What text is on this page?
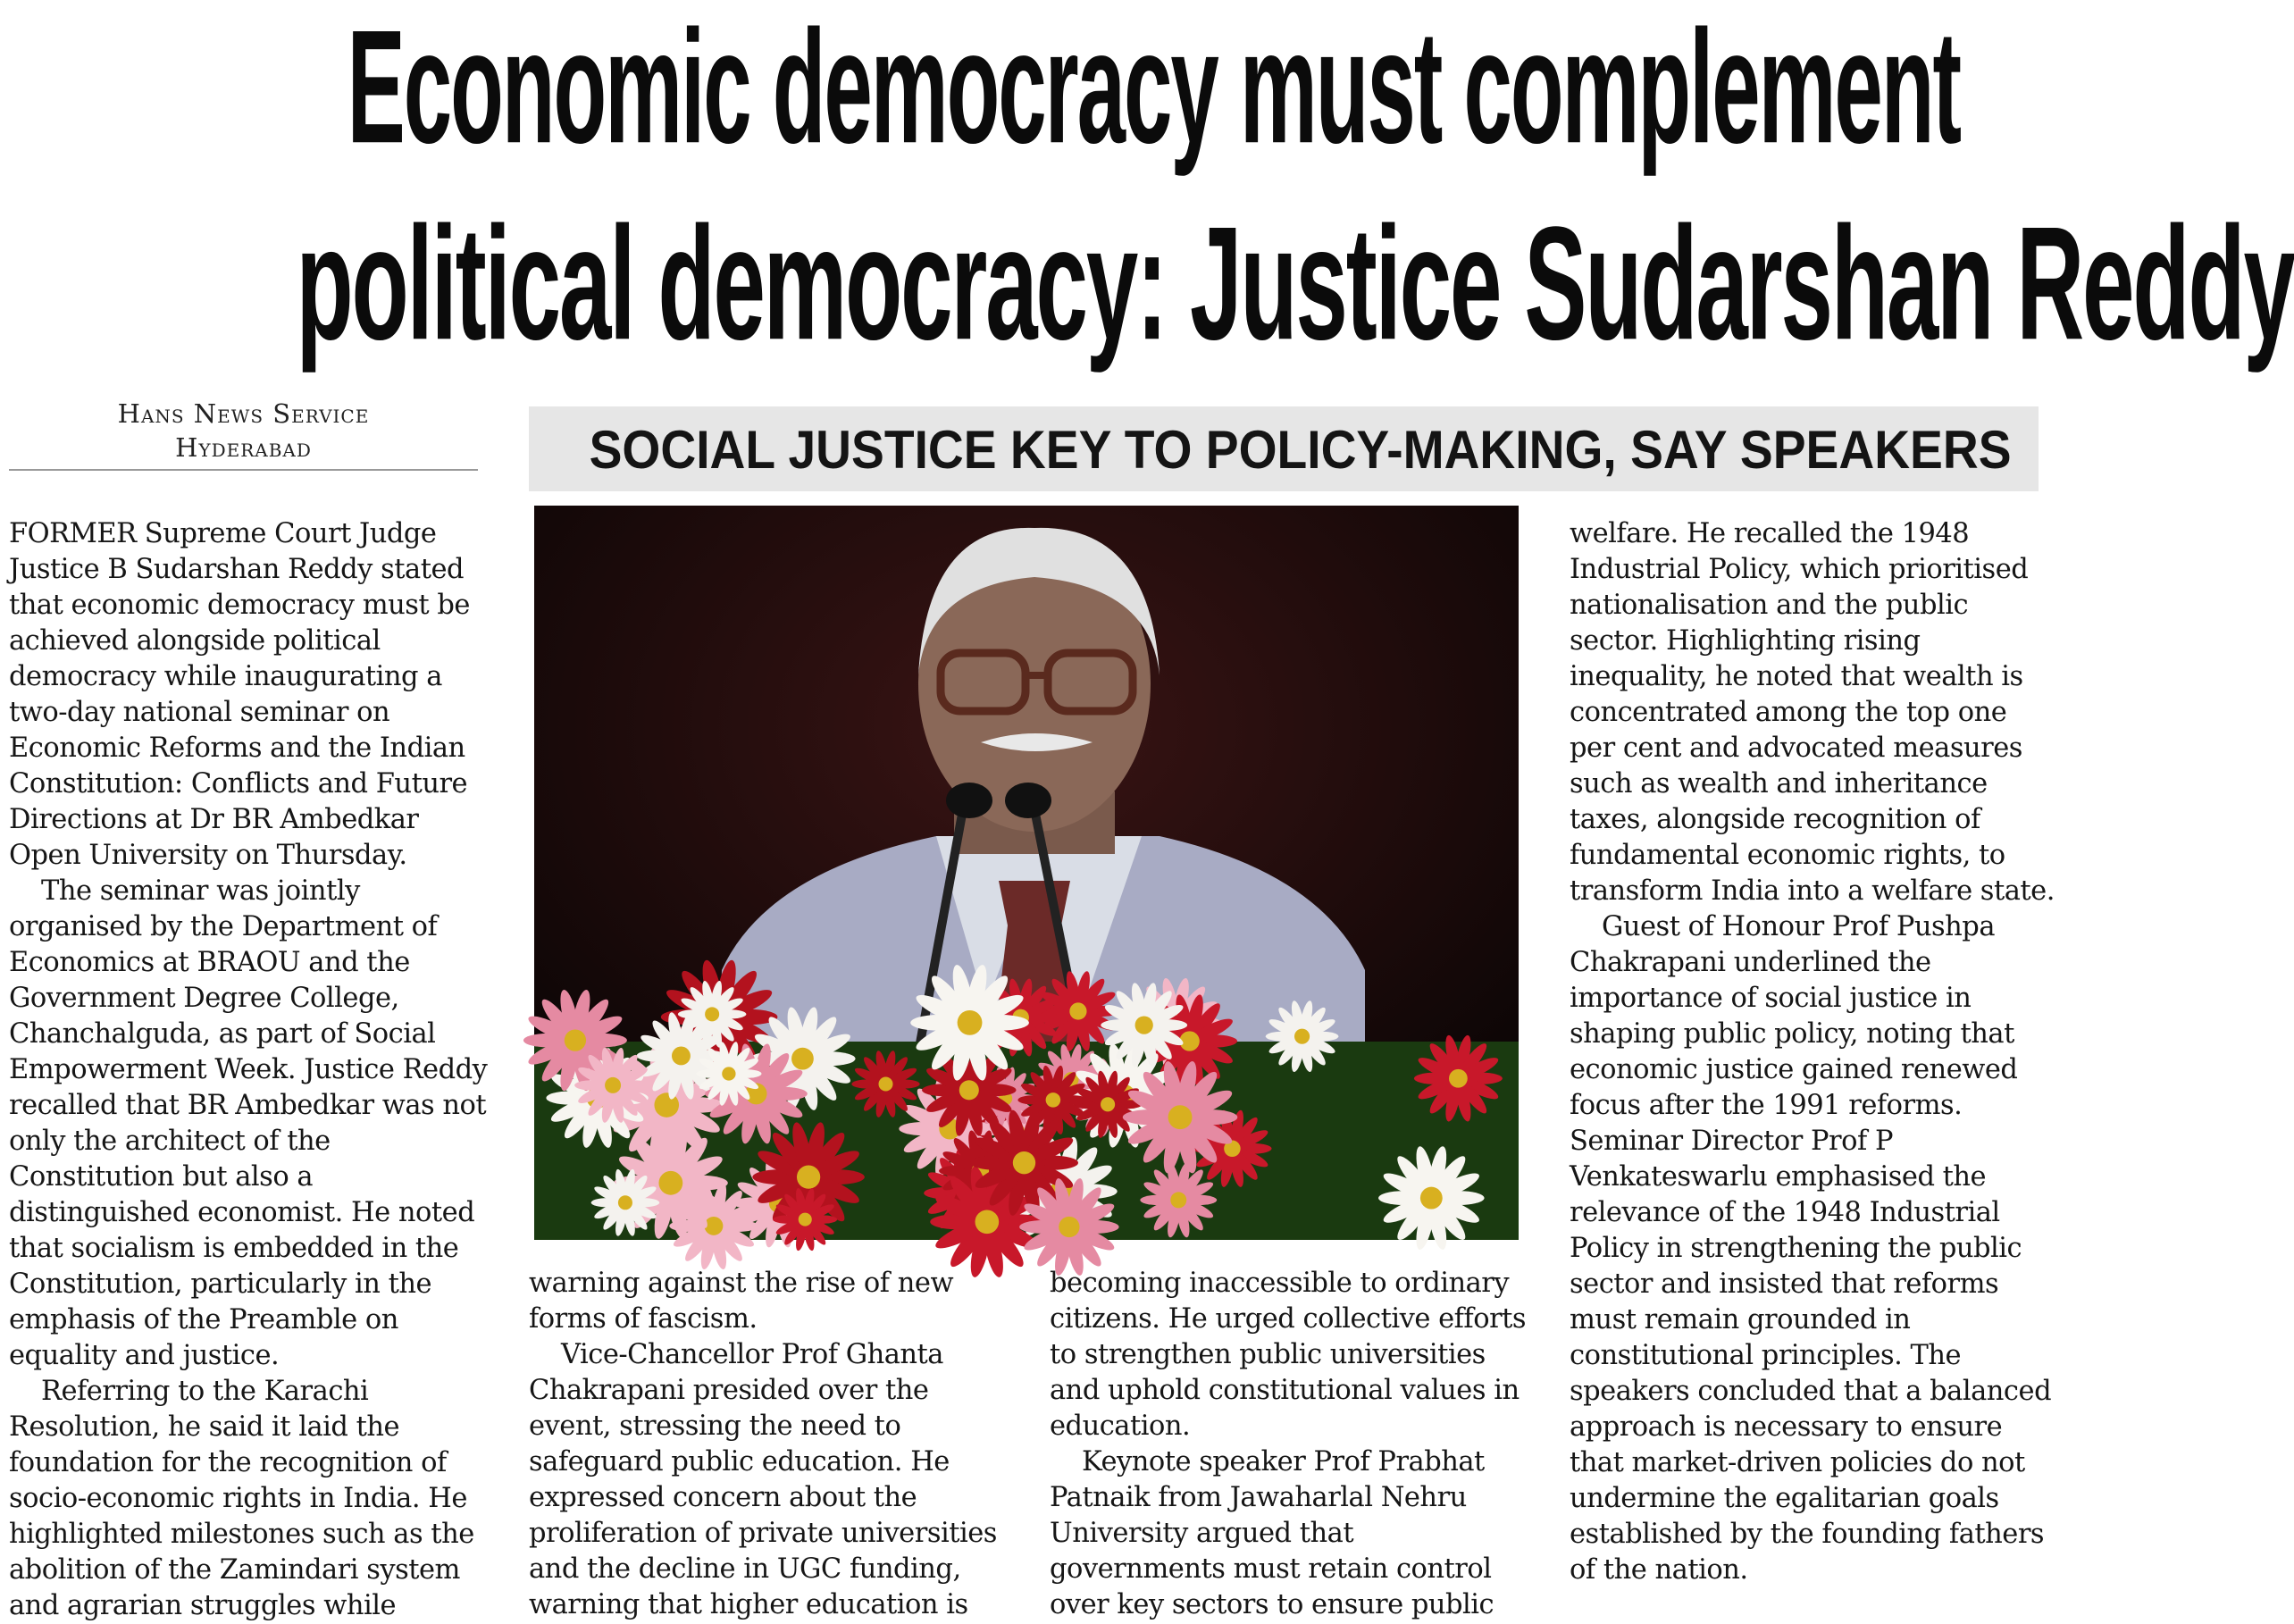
Economic democracy must complement
political democracy: Justice Sudarshan Reddy
Hans News Service
Hyderabad	SOCIAL JUSTICE KEY TO POLICY-MAKING, SAY SPEAKERS

FORMER Supreme Court Judge Justice B Sudarshan Reddy stated that economic democracy must be achieved alongside political democracy while inaugurating a two-day national seminar on Economic Reforms and the Indian Constitution: Conflicts and Future Directions at Dr BR Ambedkar Open University on Thursday.

The seminar was jointly organised by the Department of Economics at BRAOU and the Government Degree College, Chanchalguda, as part of Social Empowerment Week. Justice Reddy recalled that BR Ambedkar was not only the architect of the Constitution but also a distinguished economist. He noted that socialism is embedded in the Constitution, particularly in the emphasis of the Preamble on equality and justice.

Referring to the Karachi Resolution, he said it laid the foundation for the recognition of socio-economic rights in India. He highlighted milestones such as the abolition of the Zamindari system and agrarian struggles while

warning against the rise of new forms of fascism.

Vice-Chancellor Prof Ghanta Chakrapani presided over the event, stressing the need to safeguard public education. He expressed concern about the proliferation of private universities and the decline in UGC funding, warning that higher education is

becoming inaccessible to ordinary citizens. He urged collective efforts to strengthen public universities and uphold constitutional values in education.

Keynote speaker Prof Prabhat Patnaik from Jawaharlal Nehru University argued that governments must retain control over key sectors to ensure public

welfare. He recalled the 1948 Industrial Policy, which prioritised nationalisation and the public sector. Highlighting rising inequality, he noted that wealth is concentrated among the top one per cent and advocated measures such as wealth and inheritance taxes, alongside recognition of fundamental economic rights, to transform India into a welfare state.

Guest of Honour Prof Pushpa Chakrapani underlined the importance of social justice in shaping public policy, noting that economic justice gained renewed focus after the 1991 reforms. Seminar Director Prof P Venkateswarlu emphasised the relevance of the 1948 Industrial Policy in strengthening the public sector and insisted that reforms must remain grounded in constitutional principles. The speakers concluded that a balanced approach is necessary to ensure that market-driven policies do not undermine the egalitarian goals established by the founding fathers of the nation.
